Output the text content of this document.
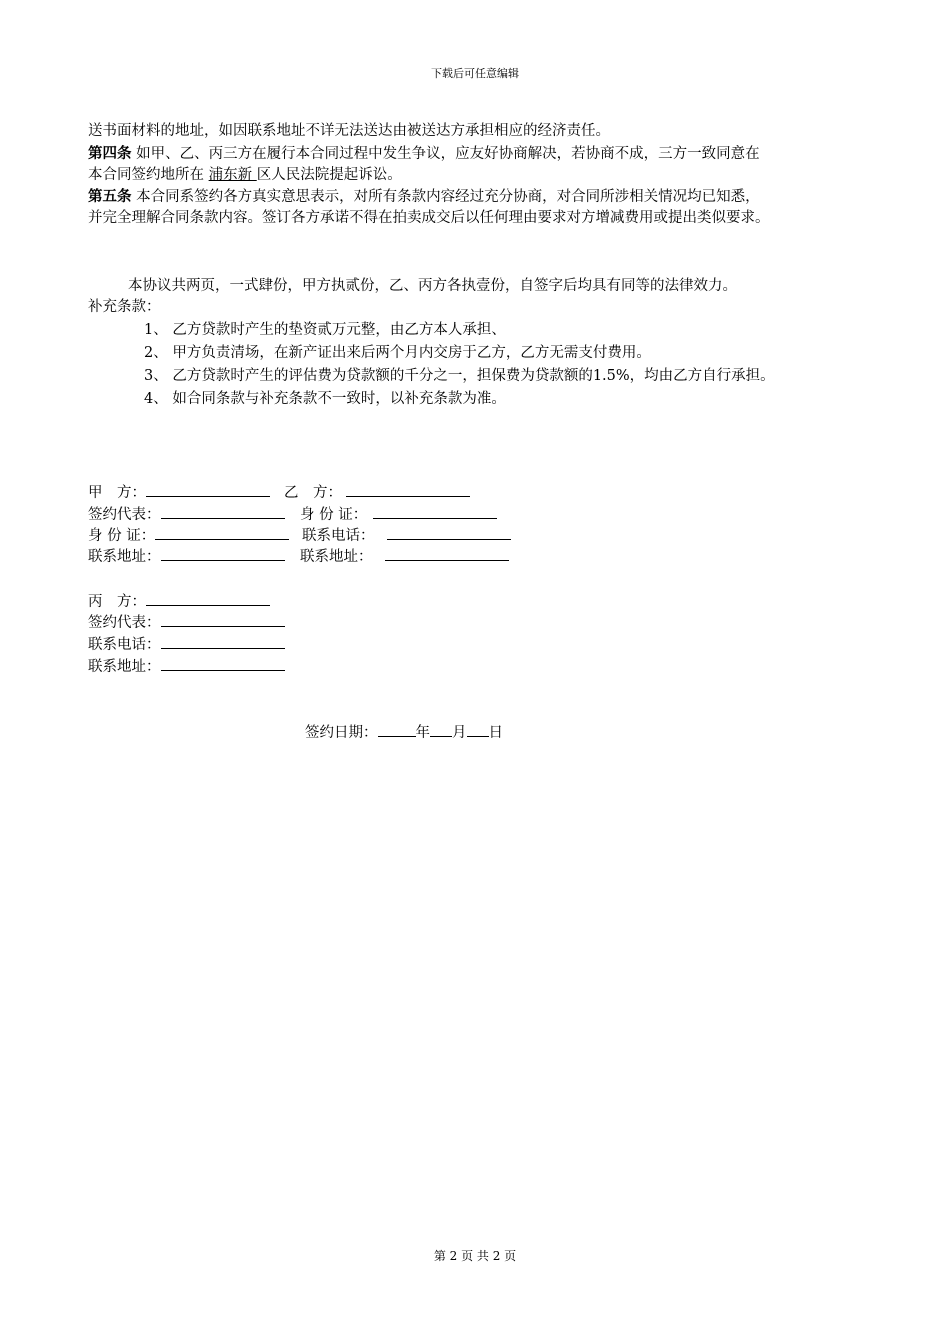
下载后可任意编辑
送书面材料的地址，如因联系地址不详无法送达由被送达方承担相应的经济责任。
第四条 如甲、乙、丙三方在履行本合同过程中发生争议，应友好协商解决，若协商不成，三方一致同意在
本合同签约地所在 浦东新 区人民法院提起诉讼。
第五条 本合同系签约各方真实意思表示，对所有条款内容经过充分协商，对合同所涉相关情况均已知悉，
并完全理解合同条款内容。签订各方承诺不得在拍卖成交后以任何理由要求对方增减费用或提出类似要求。
本协议共两页，一式肆份，甲方执贰份，乙、丙方各执壹份，自签字后均具有同等的法律效力。
补充条款：
1、 乙方贷款时产生的垫资贰万元整，由乙方本人承担、
2、 甲方负责清场，在新产证出来后两个月内交房于乙方，乙方无需支付费用。
3、 乙方贷款时产生的评估费为贷款额的千分之一，担保费为贷款额的1.5%，均由乙方自行承担。
4、 如合同条款与补充条款不一致时，以补充条款为准。
甲　方：	乙　方：
签约代表：	身 份 证：
身 份 证：	联系电话：
联系地址：	联系地址：
丙　方：
签约代表：
联系电话：
联系地址：
签约日期：	年 月 日
第 2 页 共 2 页
